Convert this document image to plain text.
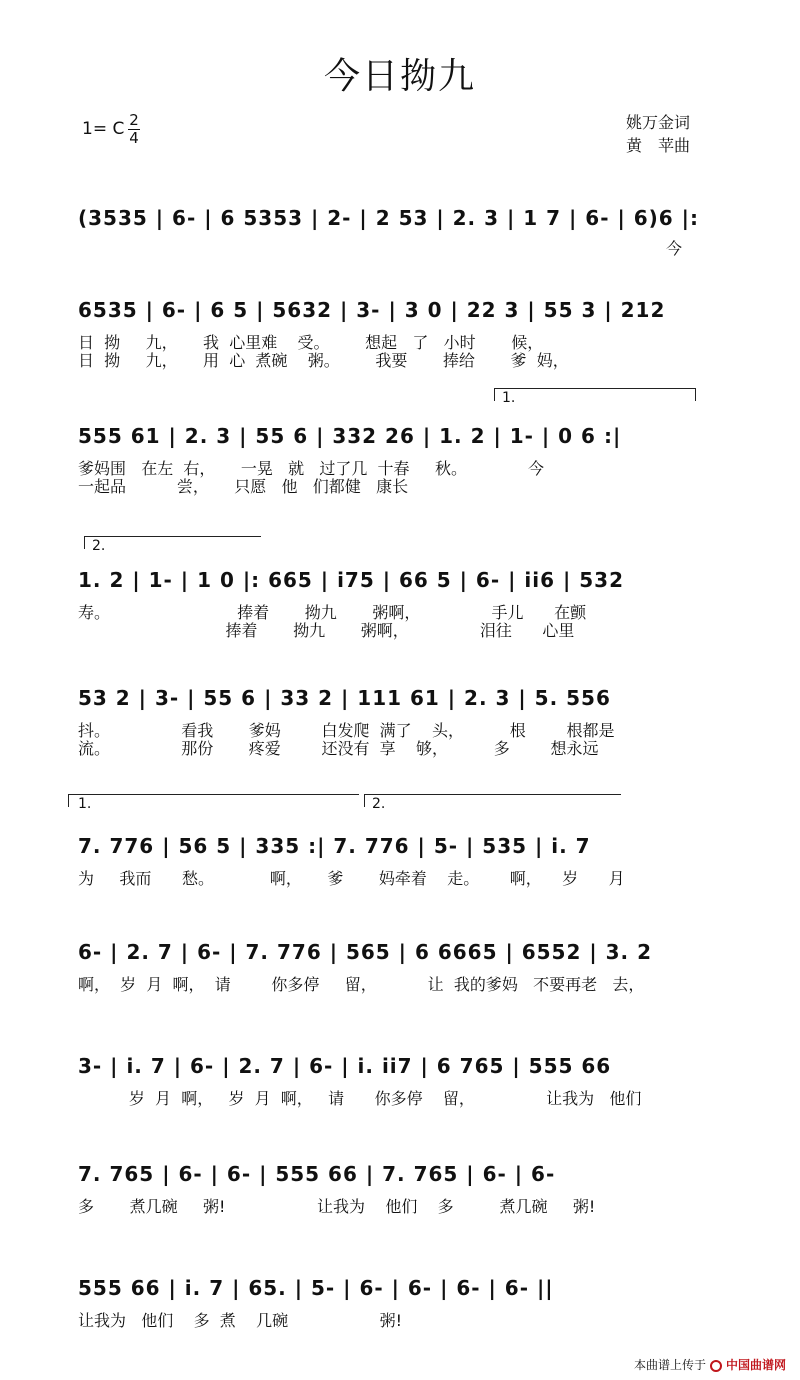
今日拗九
1= C 2
4
姚万金词
黄　苹曲
(3535 | 6- | 6 5353 | 2- | 2 53 | 2. 3 | 1 7 | 6- | 6)6 |:
今
6535 | 6- | 6 5 | 5632 | 3- | 3 0 | 22 3 | 55 3 | 212
日  拗     九，     我  心里难    受。       想起   了   小时       候，
日  拗     九，     用  心  煮碗    粥。       我要       捧给       爹  妈，
1.
555 61 | 2. 3 | 55 6 | 332 26 | 1. 2 | 1- | 0 6 :|
爹妈围   在左  右，     一晃   就   过了几  十春     秋。            今
一起品          尝，     只愿   他   们都健   康长
2.
1. 2 | 1- | 1 0 |: 665 | i75 | 66 5 | 6- | ii6 | 532
寿。                         捧着       拗九       粥啊，              手儿      在颤
捧着       拗九       粥啊，              泪往      心里
53 2 | 3- | 55 6 | 33 2 | 111 61 | 2. 3 | 5. 556
抖。              看我       爹妈        白发爬  满了    头，         根        根都是
流。              那份       疼爱        还没有  享    够，         多        想永远
1.	2.
7. 776 | 56 5 | 335 :| 7. 776 | 5- | 535 | i. 7
为     我而      愁。           啊，     爹       妈牵着    走。      啊，    岁      月
6- | 2. 7 | 6- | 7. 776 | 565 | 6 6665 | 6552 | 3. 2
啊，  岁  月  啊，  请        你多停     留，          让  我的爹妈   不要再老   去，
3- | i. 7 | 6- | 2. 7 | 6- | i. ii7 | 6 765 | 555 66
岁  月  啊，   岁  月  啊，   请      你多停    留，              让我为   他们
7. 765 | 6- | 6- | 555 66 | 7. 765 | 6- | 6-
多       煮几碗     粥!                  让我为    他们    多         煮几碗     粥!
555 66 | i. 7 | 65. | 5- | 6- | 6- | 6- | 6- ||
让我为   他们    多  煮    几碗                  粥!
本曲谱上传于 中国曲谱网
